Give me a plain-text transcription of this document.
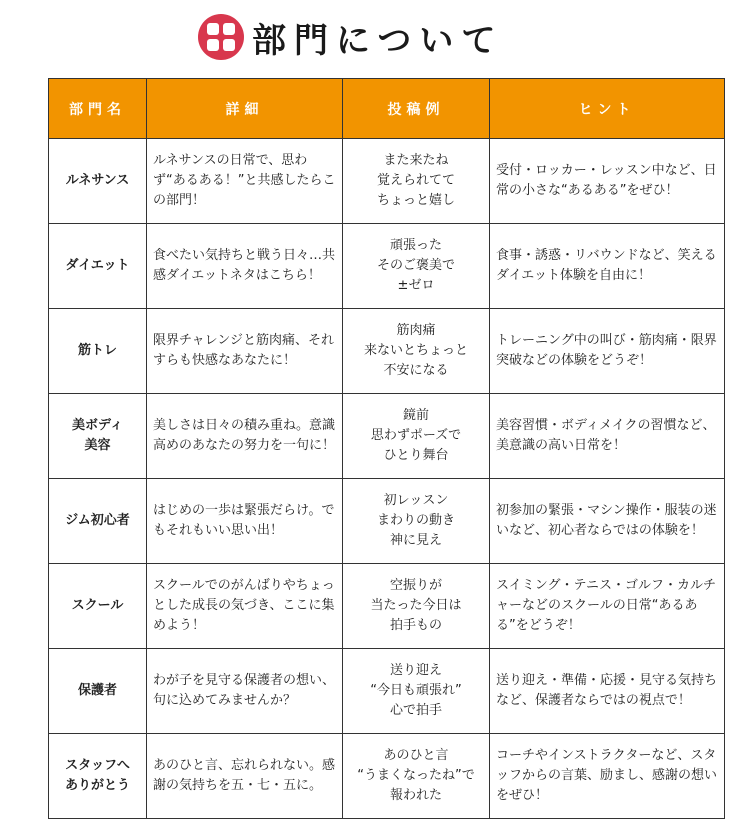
部門について
部門名	詳細	投稿例	ヒント

ルネサンス	ルネサンスの日常で、思わず“あるある！”と共感したらこの部門！	また来たね
覚えられてて
ちょっと嬉し	受付・ロッカー・レッスン中など、日常の小さな“あるある”をぜひ！

ダイエット	食べたい気持ちと戦う日々…共感ダイエットネタはこちら！	頑張った
そのご褒美で
±ゼロ	食事・誘惑・リバウンドなど、笑えるダイエット体験を自由に！

筋トレ	限界チャレンジと筋肉痛、それすらも快感なあなたに！	筋肉痛
来ないとちょっと
不安になる	トレーニング中の叫び・筋肉痛・限界突破などの体験をどうぞ！

美ボディ
美容	美しさは日々の積み重ね。意識高めのあなたの努力を一句に！	鏡前
思わずポーズで
ひとり舞台	美容習慣・ボディメイクの習慣など、美意識の高い日常を！

ジム初心者	はじめの一歩は緊張だらけ。でもそれもいい思い出！	初レッスン
まわりの動き
神に見え	初参加の緊張・マシン操作・服装の迷いなど、初心者ならではの体験を！

スクール	スクールでのがんばりやちょっとした成長の気づき、ここに集めよう！	空振りが
当たった今日は
拍手もの	スイミング・テニス・ゴルフ・カルチャーなどのスクールの日常“あるある”をどうぞ！

保護者	わが子を見守る保護者の想い、句に込めてみませんか？	送り迎え
“今日も頑張れ”
心で拍手	送り迎え・準備・応援・見守る気持ちなど、保護者ならではの視点で！

スタッフへ
ありがとう	あのひと言、忘れられない。感謝の気持ちを五・七・五に。	あのひと言
“うまくなったね”で
報われた	コーチやインストラクターなど、スタッフからの言葉、励まし、感謝の想いをぜひ！
